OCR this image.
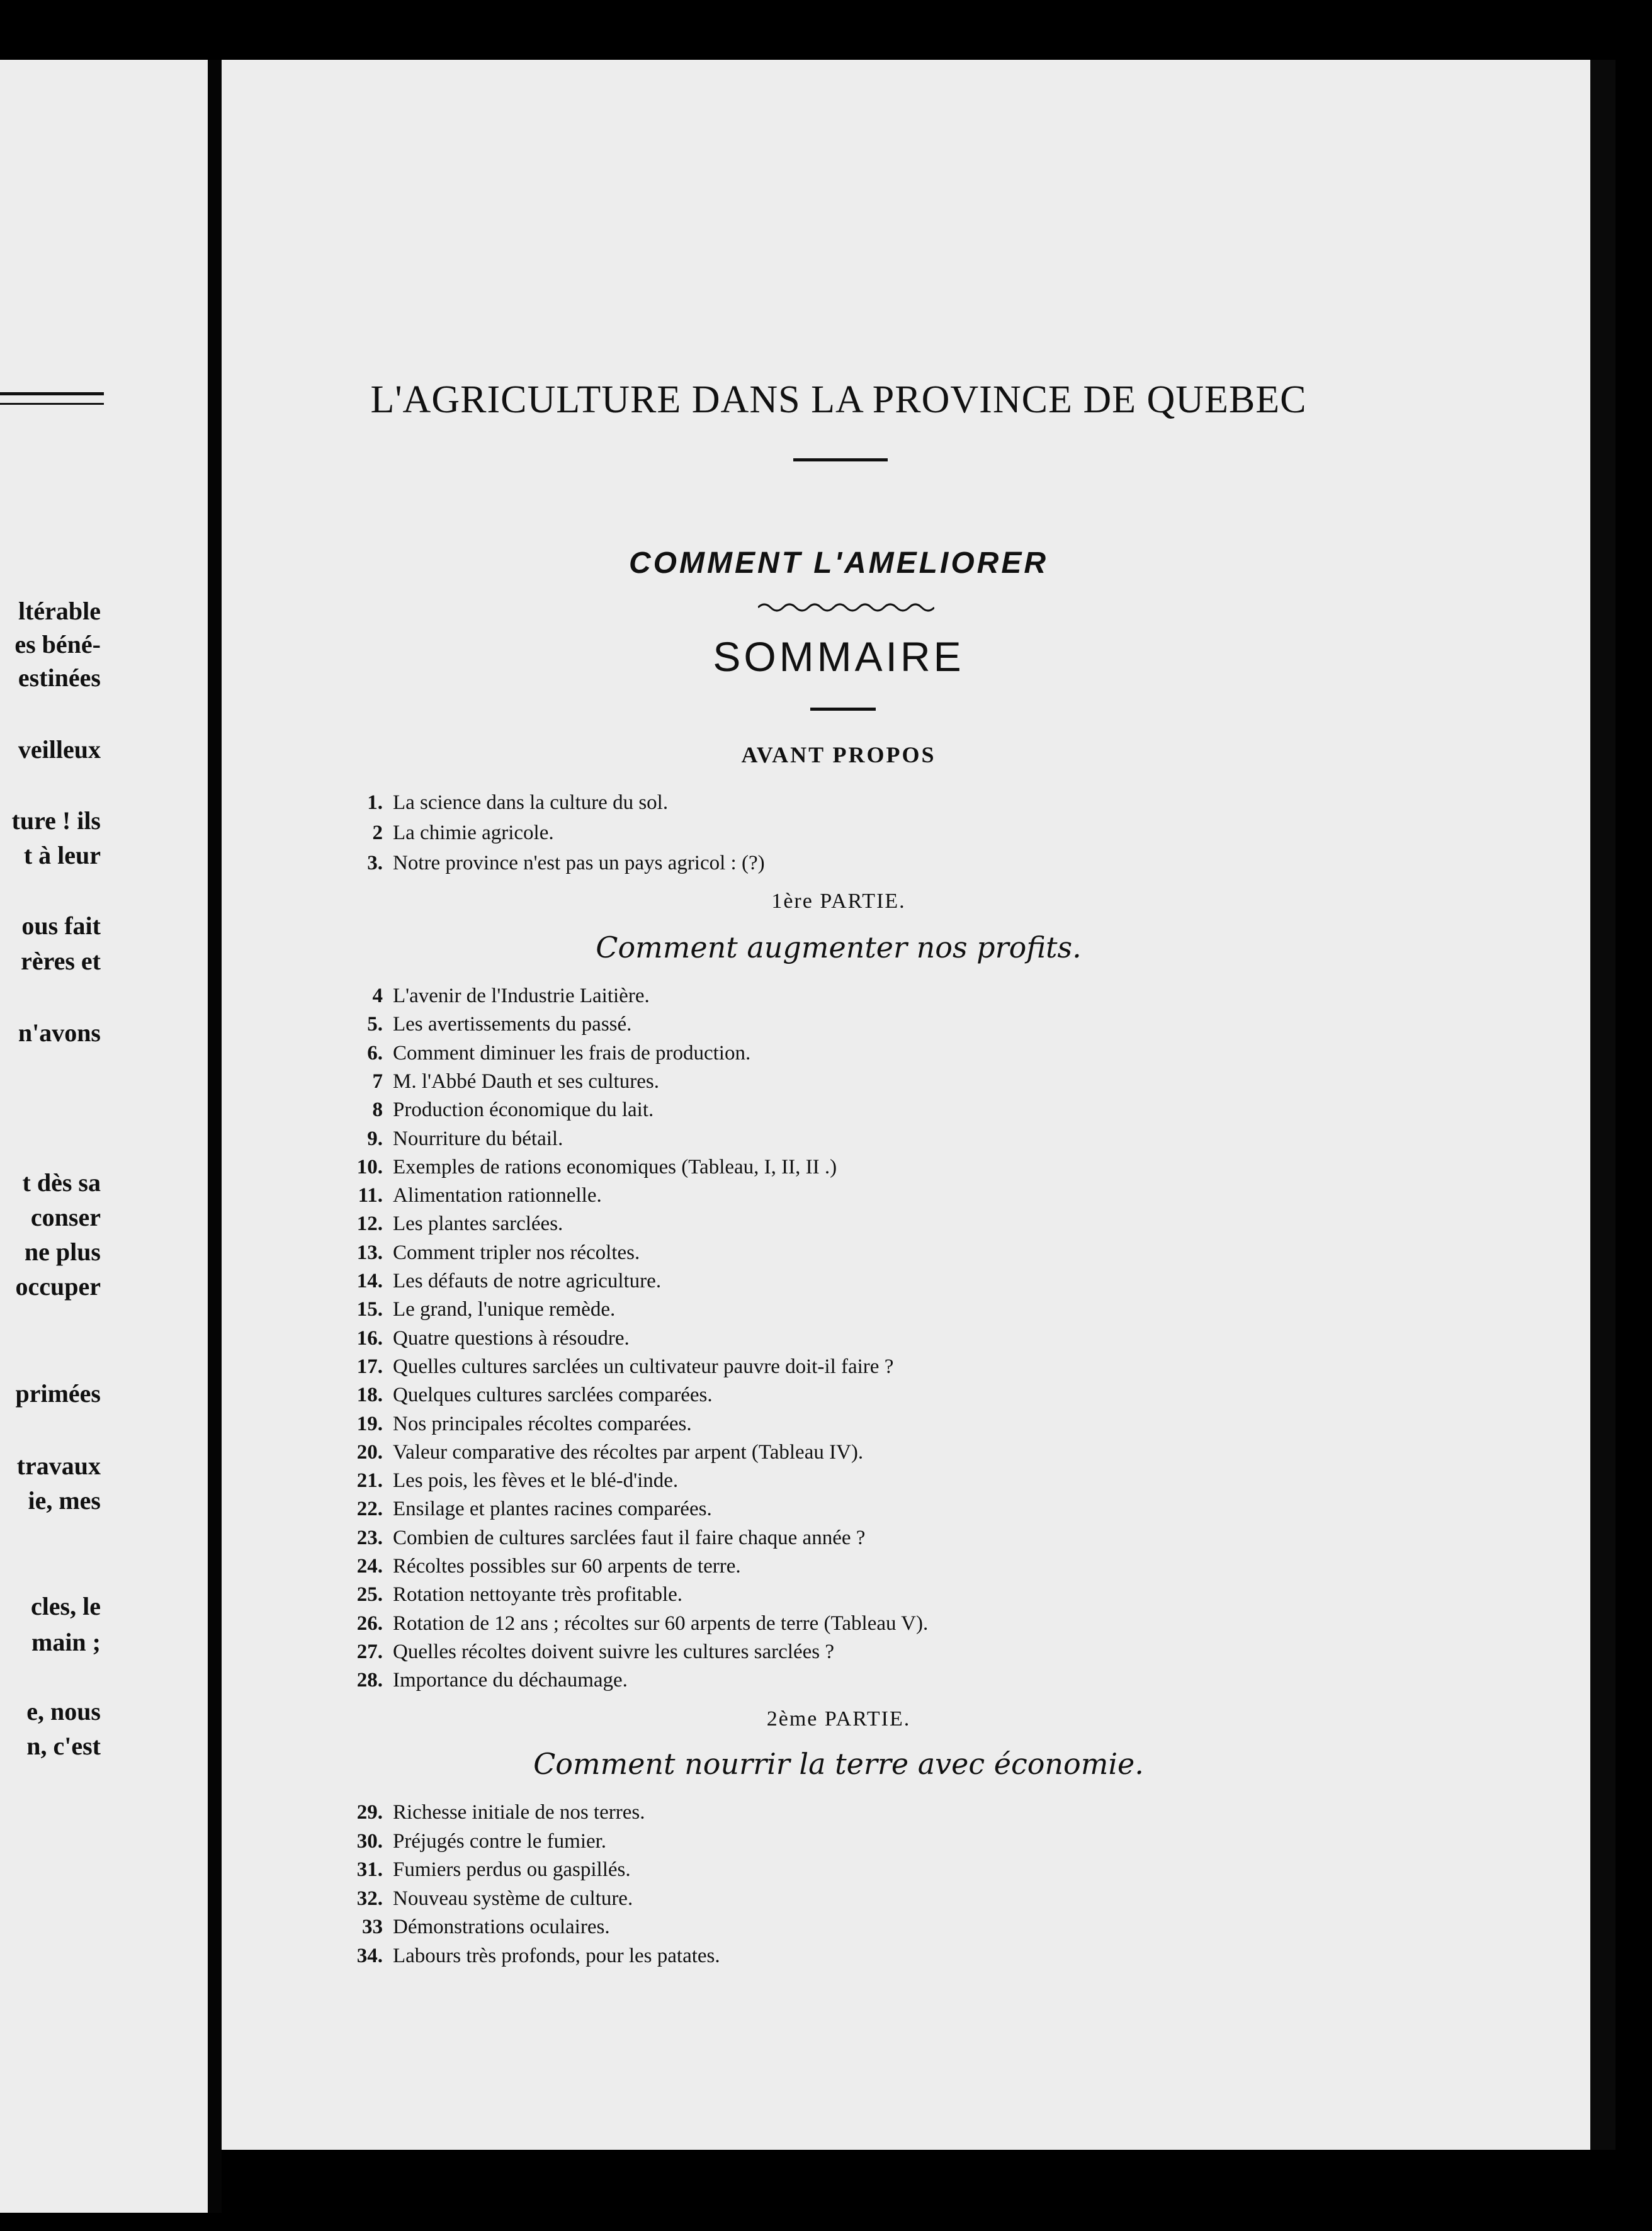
ltérable
es béné-
estinées
veilleux
ture ! ils
t à leur
ous fait
rères et
n'avons
t dès sa
conser
ne plus
occuper
primées
travaux
ie, mes
cles, le
main ;
e, nous
n, c'est
L'AGRICULTURE DANS LA PROVINCE DE QUEBEC
COMMENT L'AMELIORER
SOMMAIRE
AVANT PROPOS
1. La science dans la culture du sol.
2 La chimie agricole.
3. Notre province n'est pas un pays agricol : (?)
1ère PARTIE.
Comment augmenter nos profits.
4 L'avenir de l'Industrie Laitière.
5. Les avertissements du passé.
6. Comment diminuer les frais de production.
7 M. l'Abbé Dauth et ses cultures.
8 Production économique du lait.
9. Nourriture du bétail.
10. Exemples de rations economiques (Tableau, I, II, II .)
11. Alimentation rationnelle.
12. Les plantes sarclées.
13. Comment tripler nos récoltes.
14. Les défauts de notre agriculture.
15. Le grand, l'unique remède.
16. Quatre questions à résoudre.
17. Quelles cultures sarclées un cultivateur pauvre doit-il faire ?
18. Quelques cultures sarclées comparées.
19. Nos principales récoltes comparées.
20. Valeur comparative des récoltes par arpent (Tableau IV).
21. Les pois, les fèves et le blé-d'inde.
22. Ensilage et plantes racines comparées.
23. Combien de cultures sarclées faut il faire chaque année ?
24. Récoltes possibles sur 60 arpents de terre.
25. Rotation nettoyante très profitable.
26. Rotation de 12 ans ; récoltes sur 60 arpents de terre (Tableau V).
27. Quelles récoltes doivent suivre les cultures sarclées ?
28. Importance du déchaumage.
2ème PARTIE.
Comment nourrir la terre avec économie.
29. Richesse initiale de nos terres.
30. Préjugés contre le fumier.
31. Fumiers perdus ou gaspillés.
32. Nouveau système de culture.
33 Démonstrations oculaires.
34. Labours très profonds, pour les patates.
